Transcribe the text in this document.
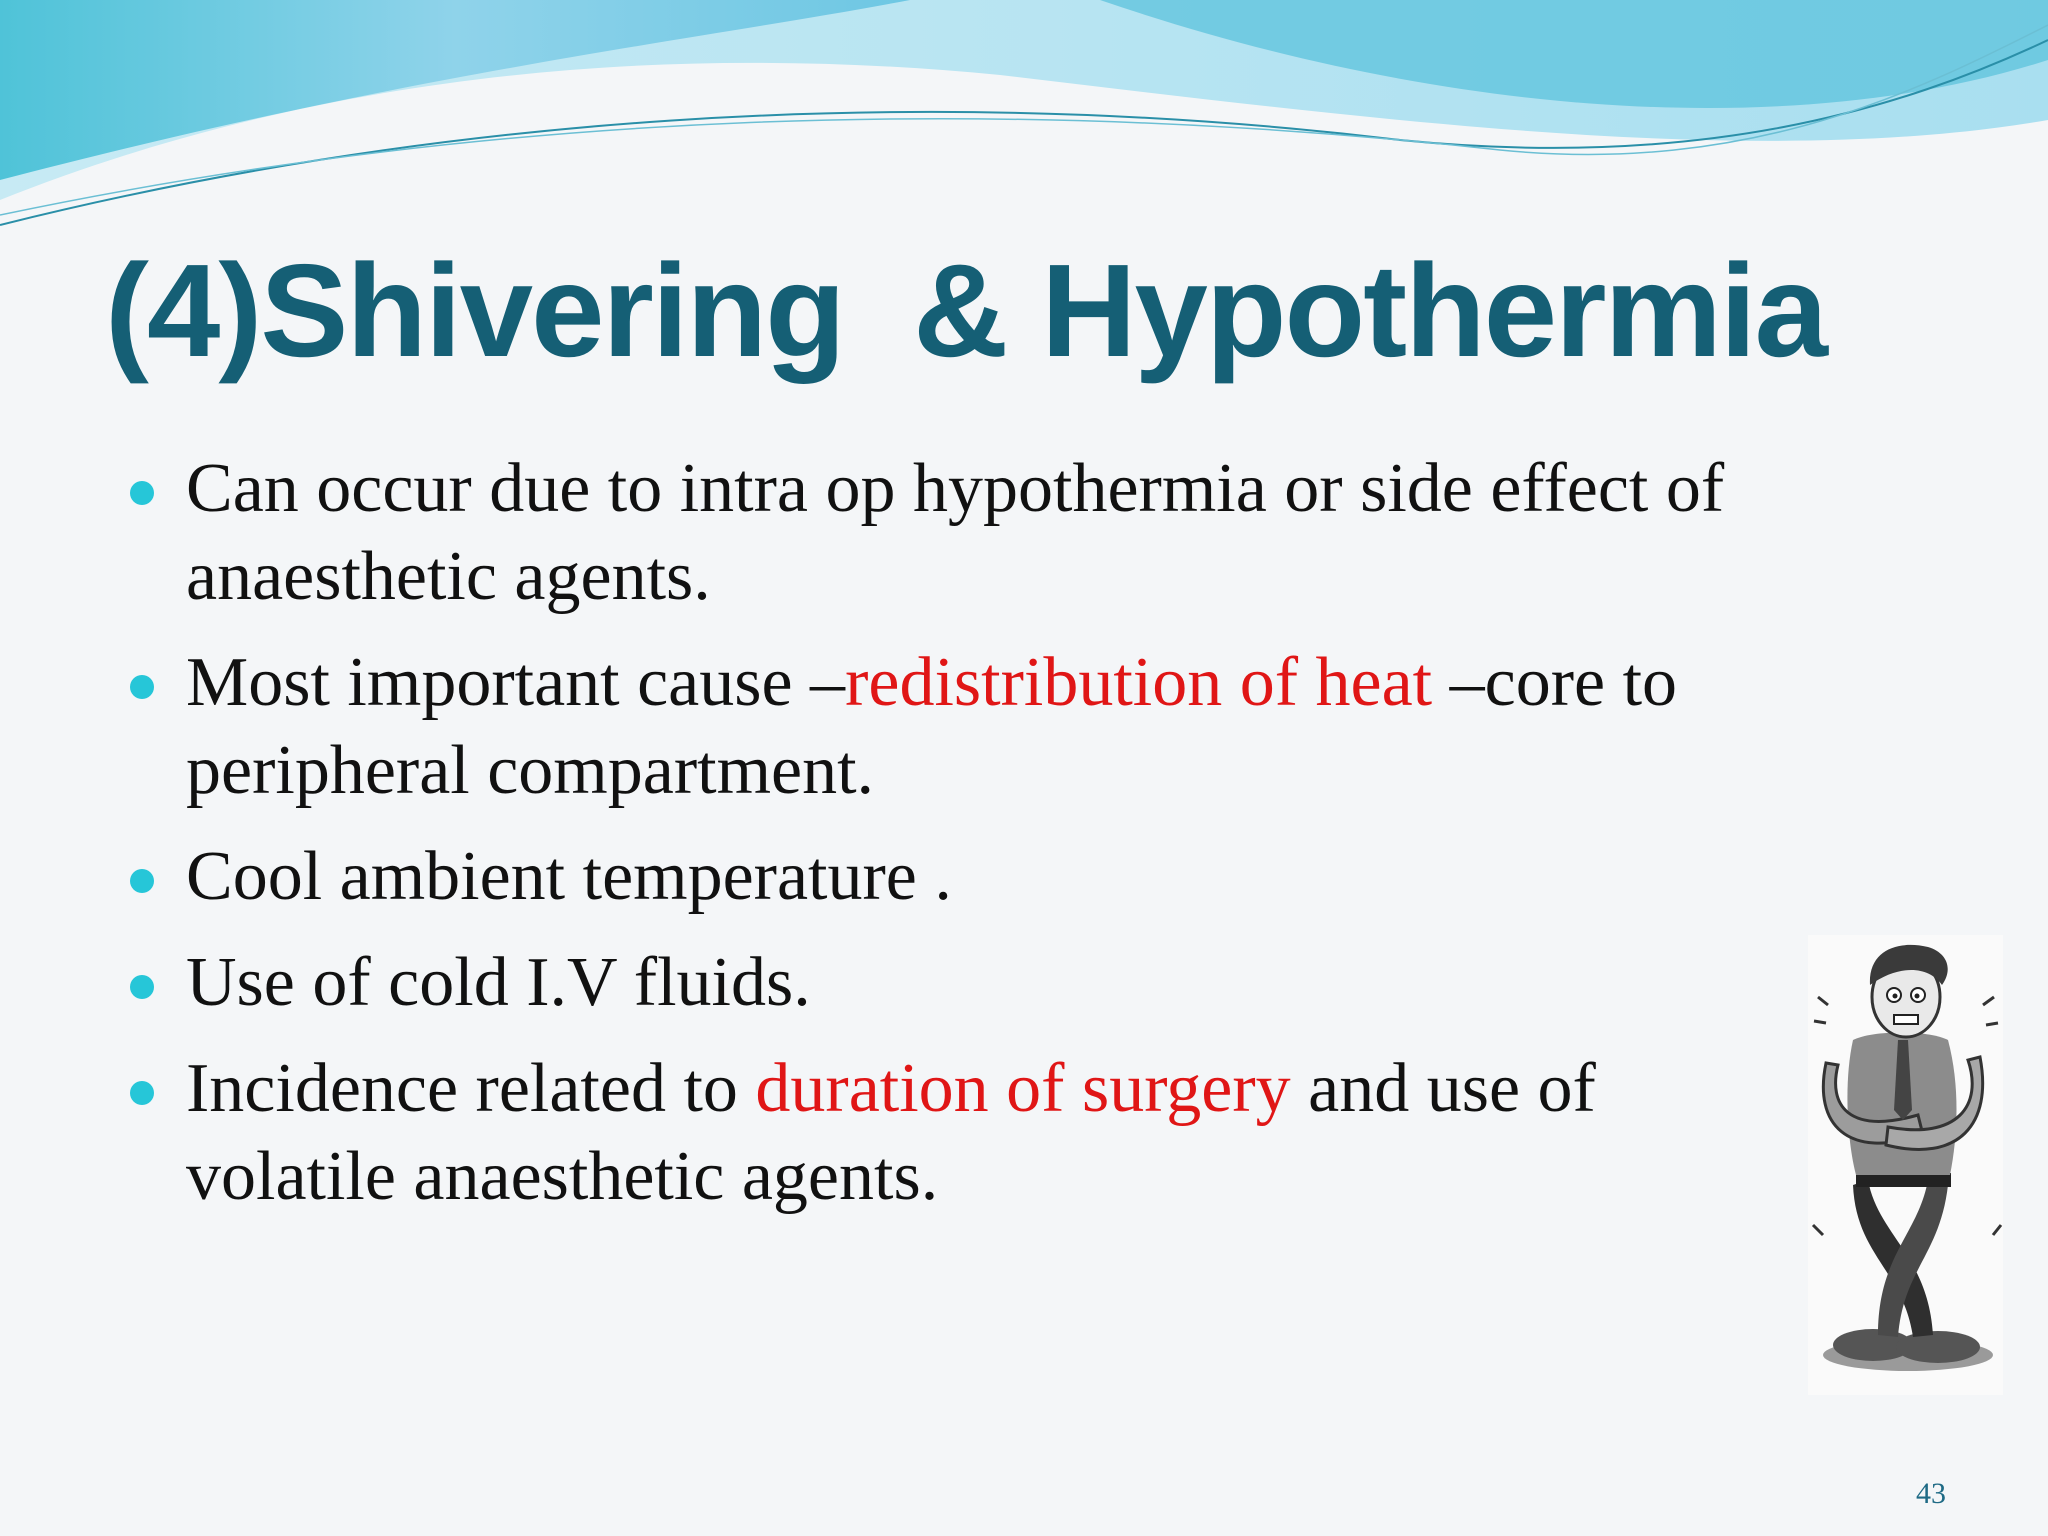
(4)Shivering  & Hypothermia
Can occur due to intra op hypothermia or side effect of anaesthetic agents.
Most important cause –redistribution of heat –core to peripheral compartment.
Cool ambient temperature .
Use of cold I.V fluids.
Incidence related to duration of surgery and use of volatile anaesthetic agents.
43
